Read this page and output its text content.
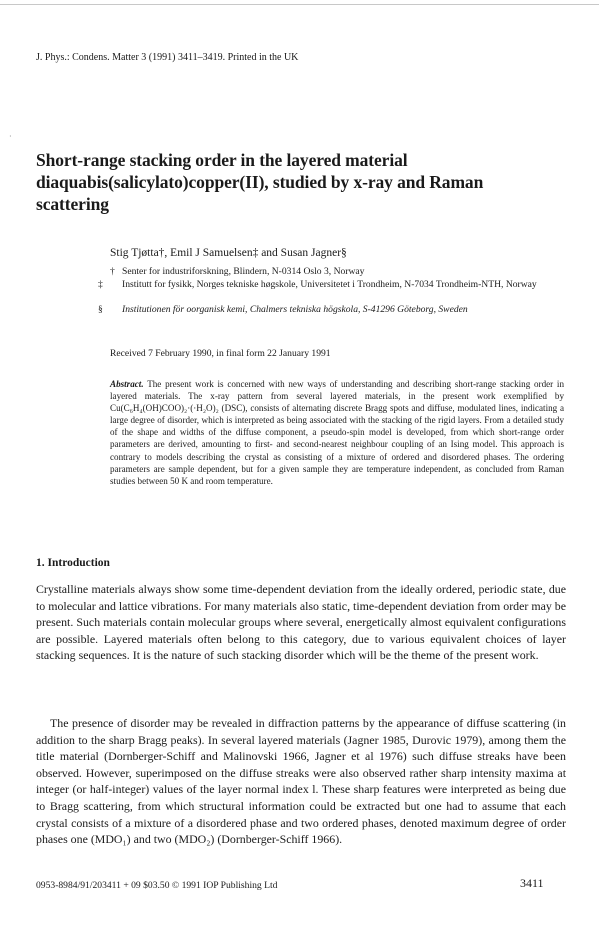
J. Phys.: Condens. Matter 3 (1991) 3411–3419. Printed in the UK
·
Short-range stacking order in the layered material diaquabis(salicylato)copper(II), studied by x-ray and Raman scattering
Stig Tjøtta†, Emil J Samuelsen‡ and Susan Jagner§
† Senter for industriforskning, Blindern, N-0314 Oslo 3, Norway
‡ Institutt for fysikk, Norges tekniske høgskole, Universitetet i Trondheim, N-7034 Trondheim-NTH, Norway
§ Institutionen för oorganisk kemi, Chalmers tekniska högskola, S-41296 Göteborg, Sweden
Received 7 February 1990, in final form 22 January 1991
Abstract. The present work is concerned with new ways of understanding and describing short-range stacking order in layered materials. The x-ray pattern from several layered materials, in the present work exemplified by Cu(C₆H₄(OH)COO)₂·(·H₂O)₂ (DSC), consists of alternating discrete Bragg spots and diffuse, modulated lines, indicating a large degree of disorder, which is interpreted as being associated with the stacking of the rigid layers. From a detailed study of the shape and widths of the diffuse component, a pseudo-spin model is developed, from which short-range order parameters are derived, amounting to first- and second-nearest neighbour coupling of an Ising model. This approach is contrary to models describing the crystal as consisting of a mixture of ordered and disordered phases. The ordering parameters are sample dependent, but for a given sample they are temperature independent, as concluded from Raman studies between 50 K and room temperature.
1. Introduction
Crystalline materials always show some time-dependent deviation from the ideally ordered, periodic state, due to molecular and lattice vibrations. For many materials also static, time-dependent deviation from order may be present. Such materials contain molecular groups where several, energetically almost equivalent configurations are possible. Layered materials often belong to this category, due to various equivalent choices of layer stacking sequences. It is the nature of such stacking disorder which will be the theme of the present work.
The presence of disorder may be revealed in diffraction patterns by the appearance of diffuse scattering (in addition to the sharp Bragg peaks). In several layered materials (Jagner 1985, Durovic 1979), among them the title material (Dornberger-Schiff and Malinovski 1966, Jagner et al 1976) such diffuse streaks have been observed. However, superimposed on the diffuse streaks were also observed rather sharp intensity maxima at integer (or half-integer) values of the layer normal index l. These sharp features were interpreted as being due to Bragg scattering, from which structural information could be extracted but one had to assume that each crystal consists of a mixture of a disordered phase and two ordered phases, denoted maximum degree of order phases one (MDO₁) and two (MDO₂) (Dornberger-Schiff 1966).
0953-8984/91/203411 + 09 $03.50 © 1991 IOP Publishing Ltd	3411
